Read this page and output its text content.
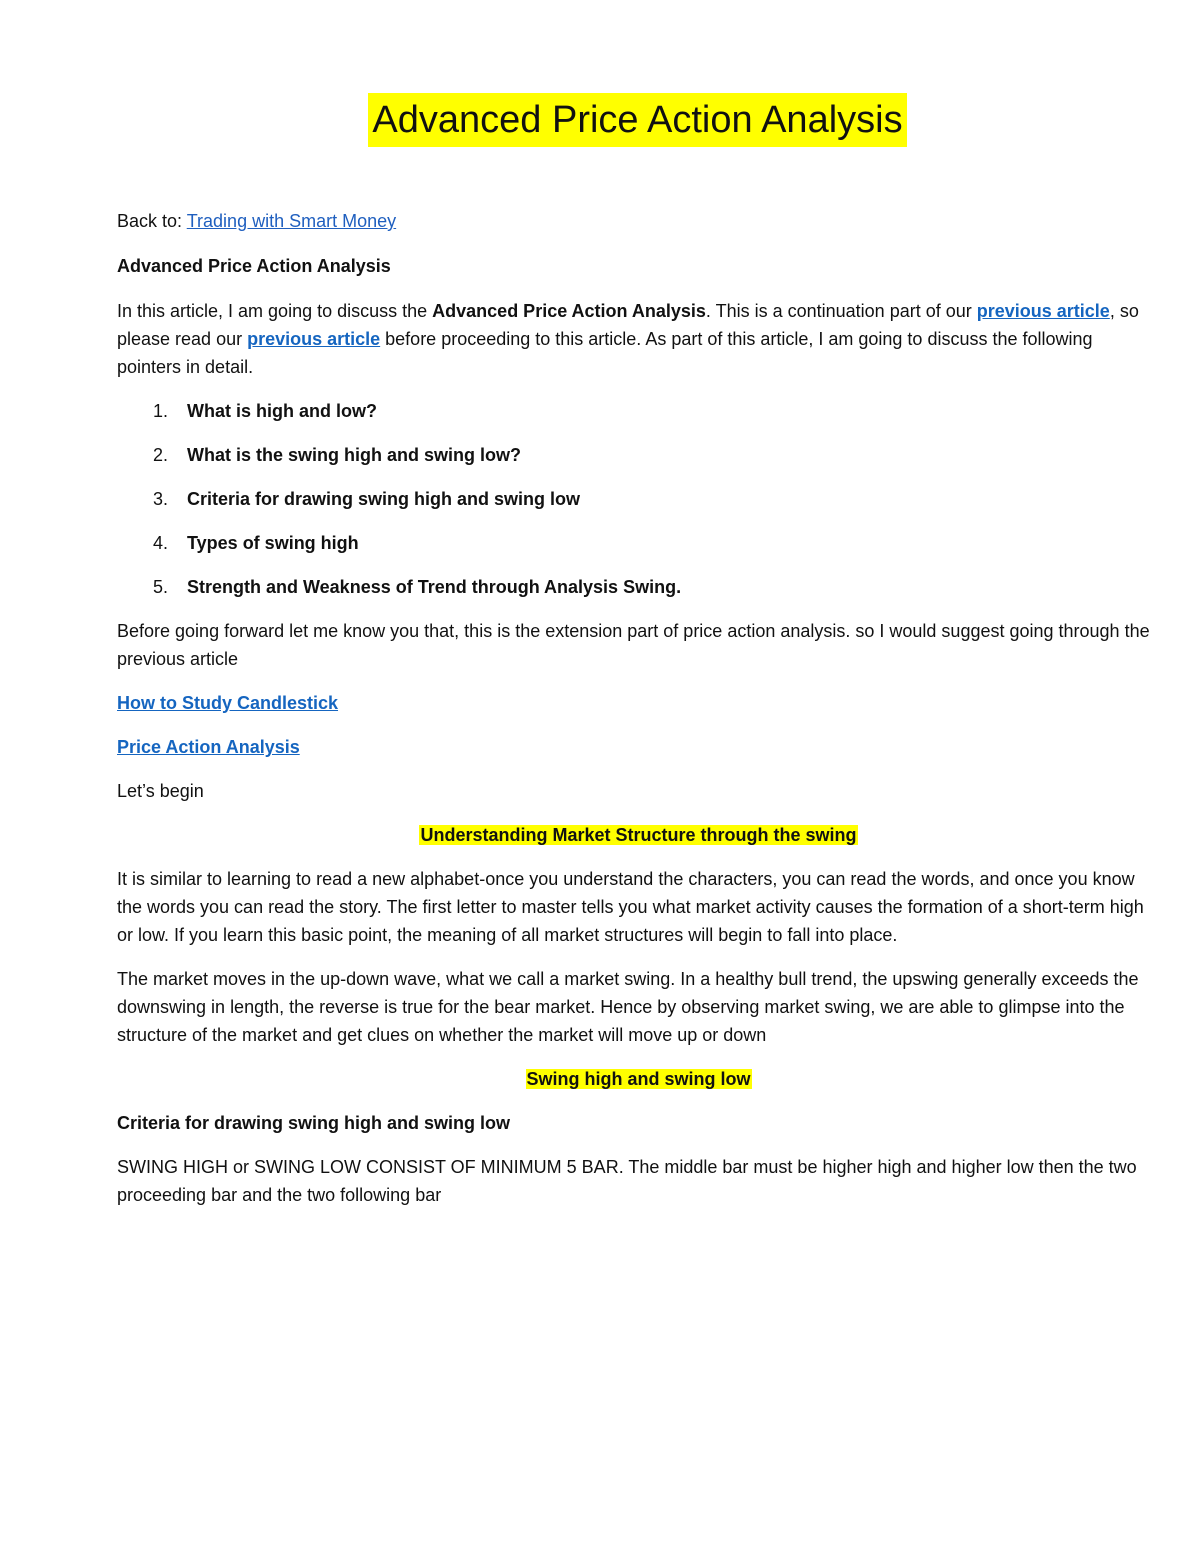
Advanced Price Action Analysis

Back to: Trading with Smart Money

Advanced Price Action Analysis

In this article, I am going to discuss the Advanced Price Action Analysis. This is a continuation part of our previous article, so please read our previous article before proceeding to this article. As part of this article, I am going to discuss the following pointers in detail.

1. What is high and low?
2. What is the swing high and swing low?
3. Criteria for drawing swing high and swing low
4. Types of swing high
5. Strength and Weakness of Trend through Analysis Swing.

Before going forward let me know you that, this is the extension part of price action analysis. so I would suggest going through the previous article

How to Study Candlestick

Price Action Analysis

Let’s begin

Understanding Market Structure through the swing

It is similar to learning to read a new alphabet-once you understand the characters, you can read the words, and once you know the words you can read the story. The first letter to master tells you what market activity causes the formation of a short-term high or low. If you learn this basic point, the meaning of all market structures will begin to fall into place.

The market moves in the up-down wave, what we call a market swing. In a healthy bull trend, the upswing generally exceeds the downswing in length, the reverse is true for the bear market. Hence by observing market swing, we are able to glimpse into the structure of the market and get clues on whether the market will move up or down

Swing high and swing low

Criteria for drawing swing high and swing low

SWING HIGH or SWING LOW CONSIST OF MINIMUM 5 BAR. The middle bar must be higher high and higher low then the two proceeding bar and the two following bar
